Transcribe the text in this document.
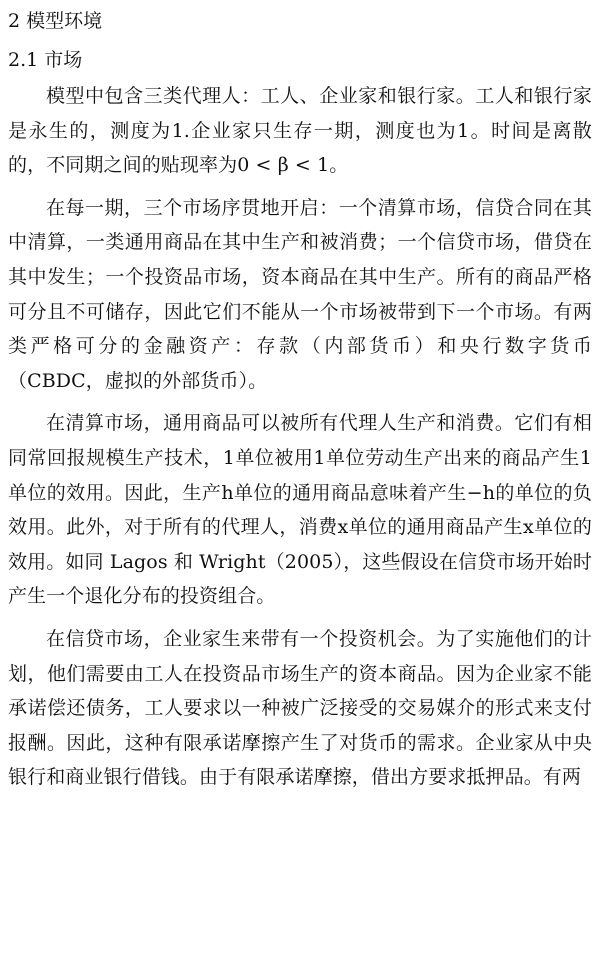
2 模型环境
2.1 市场

模型中包含三类代理人：工人、企业家和银行家。工人和银行家是永生的，测度为1.企业家只生存一期，测度也为1。时间是离散的，不同期之间的贴现率为0 < β < 1。

在每一期，三个市场序贯地开启：一个清算市场，信贷合同在其中清算，一类通用商品在其中生产和被消费；一个信贷市场，借贷在其中发生；一个投资品市场，资本商品在其中生产。所有的商品严格可分且不可储存，因此它们不能从一个市场被带到下一个市场。有两类严格可分的金融资产：存款（内部货币）和央行数字货币（CBDC，虚拟的外部货币）。

在清算市场，通用商品可以被所有代理人生产和消费。它们有相同常回报规模生产技术，1单位被用1单位劳动生产出来的商品产生1单位的效用。因此，生产h单位的通用商品意味着产生−h的单位的负效用。此外，对于所有的代理人，消费x单位的通用商品产生x单位的效用。如同 Lagos 和 Wright（2005），这些假设在信贷市场开始时产生一个退化分布的投资组合。

在信贷市场，企业家生来带有一个投资机会。为了实施他们的计划，他们需要由工人在投资品市场生产的资本商品。因为企业家不能承诺偿还债务，工人要求以一种被广泛接受的交易媒介的形式来支付报酬。因此，这种有限承诺摩擦产生了对货币的需求。企业家从中央银行和商业银行借钱。由于有限承诺摩擦，借出方要求抵押品。有两
